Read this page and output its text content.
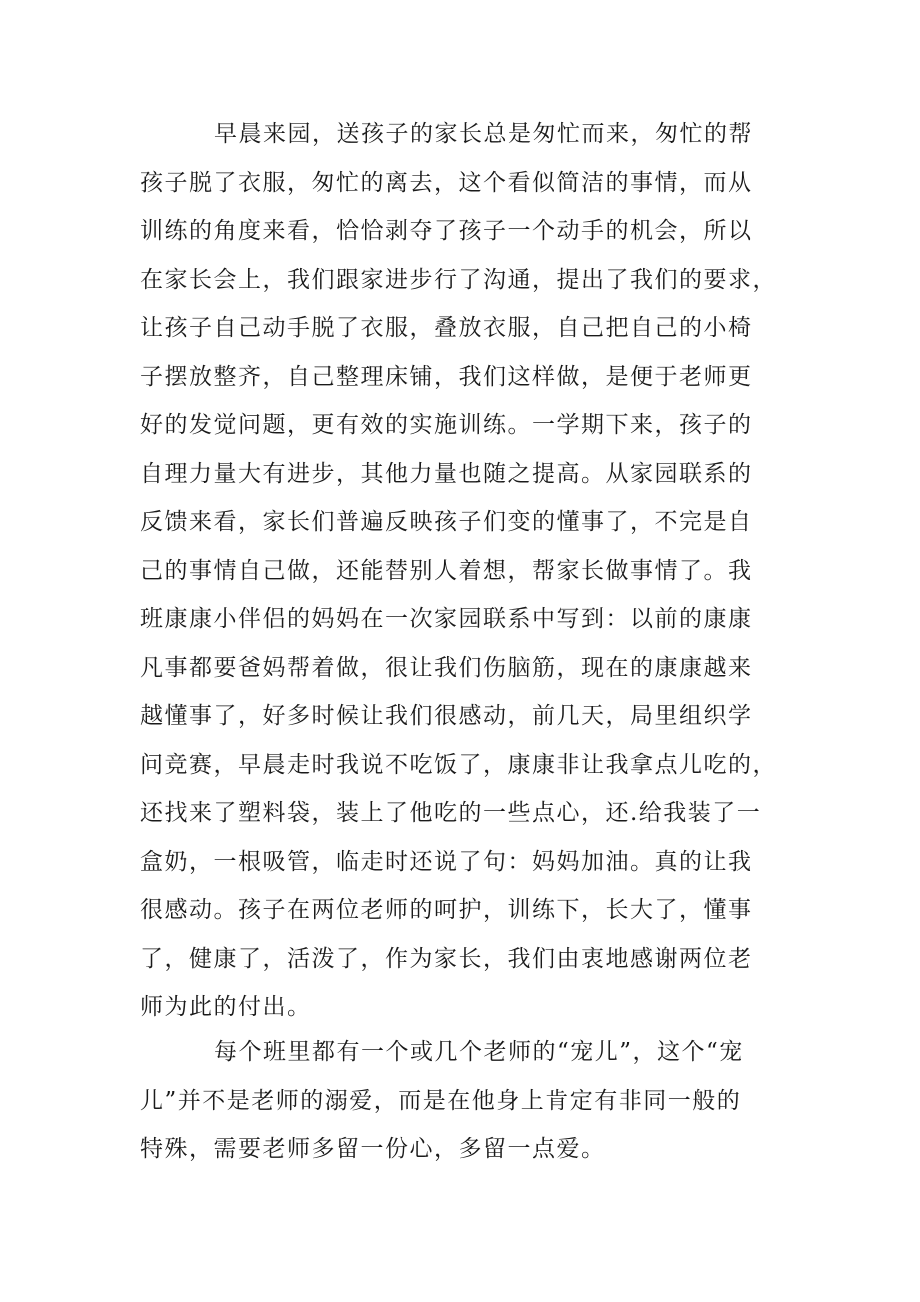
早晨来园，送孩子的家长总是匆忙而来，匆忙的帮
孩子脱了衣服，匆忙的离去，这个看似简洁的事情，而从
训练的角度来看，恰恰剥夺了孩子一个动手的机会，所以
在家长会上，我们跟家进步行了沟通，提出了我们的要求，
让孩子自己动手脱了衣服，叠放衣服，自己把自己的小椅
子摆放整齐，自己整理床铺，我们这样做，是便于老师更
好的发觉问题，更有效的实施训练。一学期下来，孩子的
自理力量大有进步，其他力量也随之提高。从家园联系的
反馈来看，家长们普遍反映孩子们变的懂事了，不完是自
己的事情自己做，还能替别人着想，帮家长做事情了。我
班康康小伴侣的妈妈在一次家园联系中写到：以前的康康
凡事都要爸妈帮着做，很让我们伤脑筋，现在的康康越来
越懂事了，好多时候让我们很感动，前几天，局里组织学
问竞赛，早晨走时我说不吃饭了，康康非让我拿点儿吃的，
还找来了塑料袋，装上了他吃的一些点心，还.给我装了一
盒奶，一根吸管，临走时还说了句：妈妈加油。真的让我
很感动。孩子在两位老师的呵护，训练下，长大了，懂事
了，健康了，活泼了，作为家长，我们由衷地感谢两位老
师为此的付出。
每个班里都有一个或几个老师的“宠儿”，这个“宠
儿”并不是老师的溺爱，而是在他身上肯定有非同一般的
特殊，需要老师多留一份心，多留一点爱。
